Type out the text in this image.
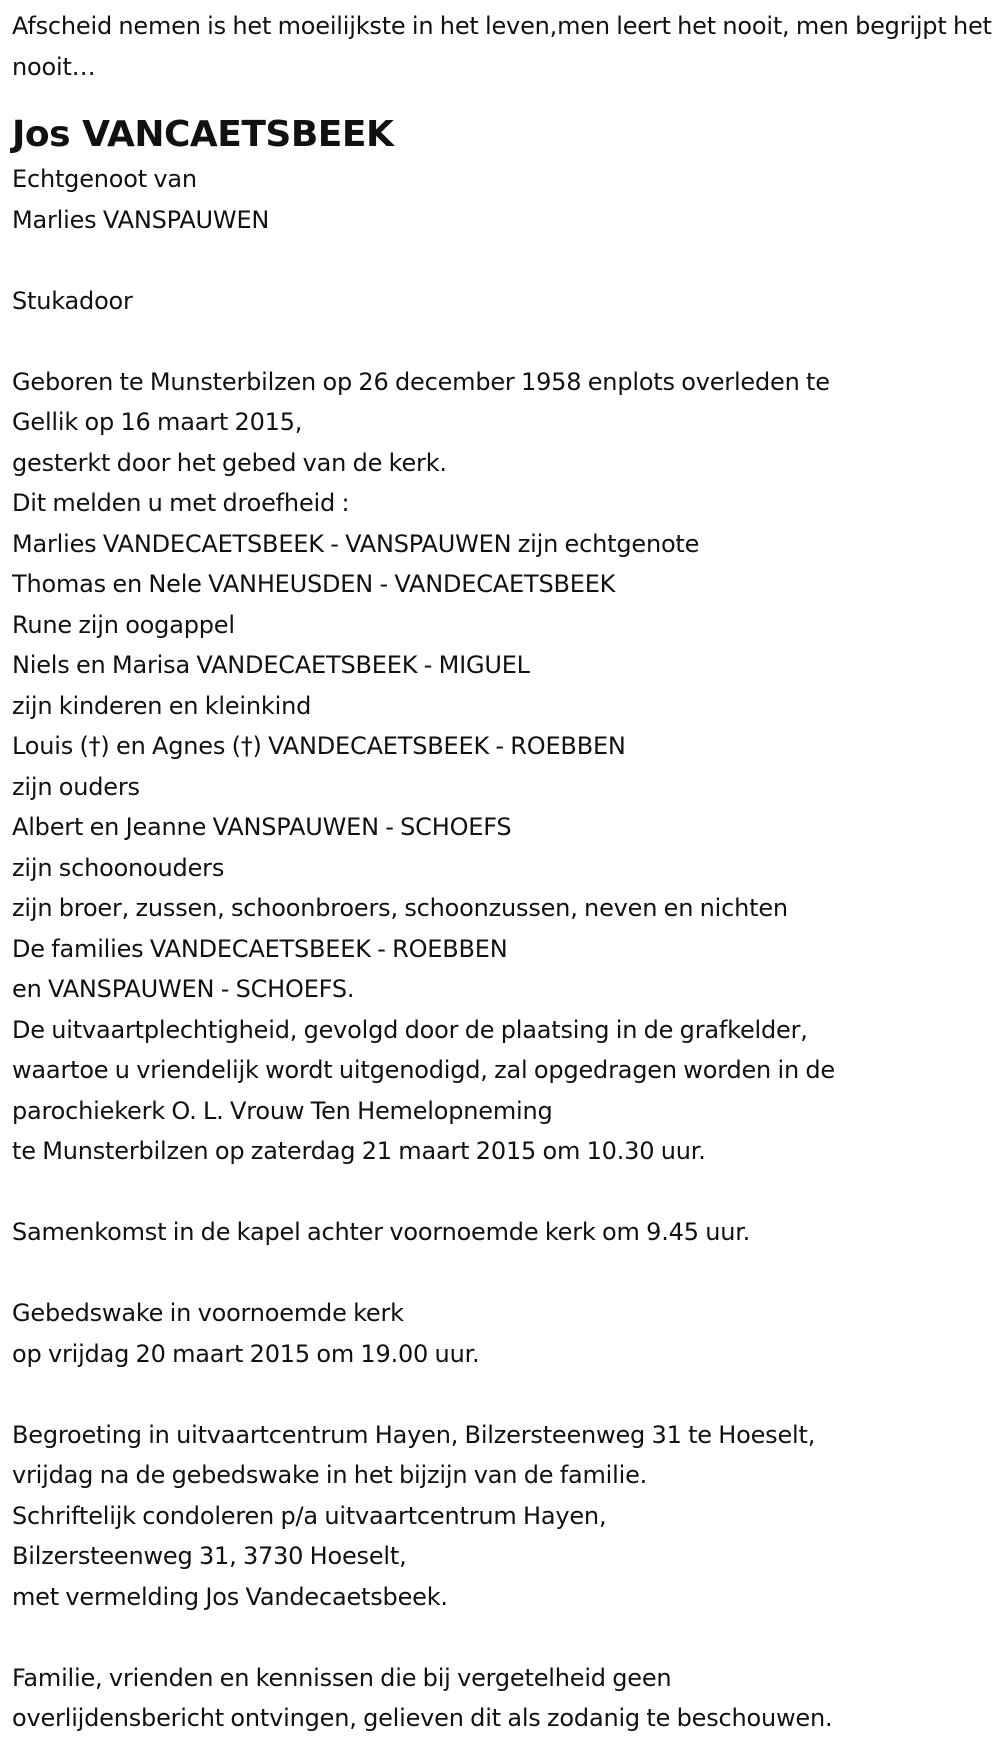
Afscheid nemen is het moeilijkste in het leven,men leert het nooit, men begrijpt het nooit…
Jos VANCAETSBEEK
Echtgenoot van
Marlies VANSPAUWEN
Stukadoor
Geboren te Munsterbilzen op 26 december 1958 enplots overleden te
Gellik op 16 maart 2015,
gesterkt door het gebed van de kerk.
Dit melden u met droefheid :
Marlies VANDECAETSBEEK - VANSPAUWEN zijn echtgenote
Thomas en Nele VANHEUSDEN - VANDECAETSBEEK
Rune zijn oogappel
Niels en Marisa VANDECAETSBEEK - MIGUEL
zijn kinderen en kleinkind
Louis (†) en Agnes (†) VANDECAETSBEEK - ROEBBEN
zijn ouders
Albert en Jeanne VANSPAUWEN - SCHOEFS
zijn schoonouders
zijn broer, zussen, schoonbroers, schoonzussen, neven en nichten
De families VANDECAETSBEEK - ROEBBEN
en VANSPAUWEN - SCHOEFS.
De uitvaartplechtigheid, gevolgd door de plaatsing in de grafkelder,
waartoe u vriendelijk wordt uitgenodigd, zal opgedragen worden in de
parochiekerk O. L. Vrouw Ten Hemelopneming
te Munsterbilzen op zaterdag 21 maart 2015 om 10.30 uur.
Samenkomst in de kapel achter voornoemde kerk om 9.45 uur.
Gebedswake in voornoemde kerk
op vrijdag 20 maart 2015 om 19.00 uur.
Begroeting in uitvaartcentrum Hayen, Bilzersteenweg 31 te Hoeselt,
vrijdag na de gebedswake in het bijzijn van de familie.
Schriftelijk condoleren p/a uitvaartcentrum Hayen,
Bilzersteenweg 31, 3730 Hoeselt,
met vermelding Jos Vandecaetsbeek.
Familie, vrienden en kennissen die bij vergetelheid geen
overlijdensbericht ontvingen, gelieven dit als zodanig te beschouwen.
